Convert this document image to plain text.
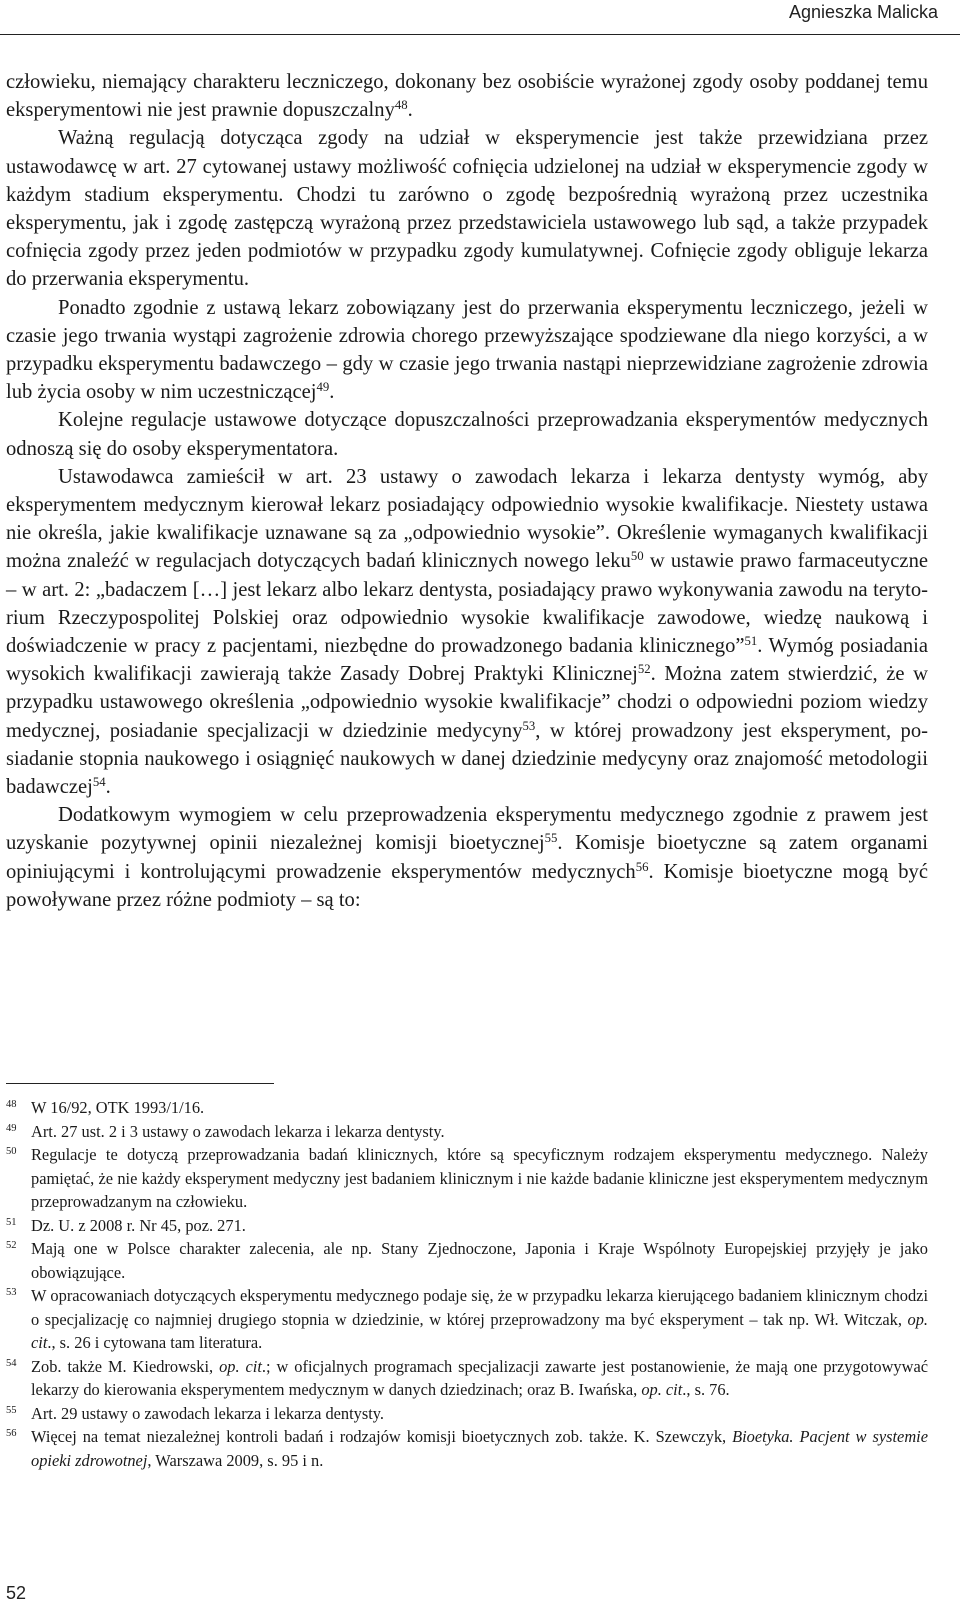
Agnieszka Malicka

człowieku, niemający charakteru leczniczego, dokonany bez osobiście wyrażonej zgody osoby poddanej temu eksperymentowi nie jest prawnie dopuszczalny$^{48}$.

Ważną regulacją dotycząca zgody na udział w eksperymencie jest także przewidziana przez ustawodawcę w art. 27 cytowanej ustawy możliwość cofnięcia udzielonej na udział w eksperymencie zgody w każdym stadium eksperymentu. Chodzi tu zarówno o zgodę bezpośrednią wyrażoną przez uczestnika eksperymentu, jak i zgodę zastępczą wyrażoną przez przedstawiciela ustawowego lub sąd, a także przypadek cofnięcia zgody przez jeden podmiotów w przypadku zgody kumulatywnej. Cofnięcie zgody obliguje lekarza do przerwania eksperymentu.

Ponadto zgodnie z ustawą lekarz zobowiązany jest do przerwania eksperymentu leczniczego, jeżeli w czasie jego trwania wystąpi zagrożenie zdrowia chorego przewyższające spodziewane dla niego korzyści, a w przypadku eksperymentu badawczego – gdy w czasie jego trwania nastąpi nieprzewidziane zagrożenie zdrowia lub życia osoby w nim uczestniczącej$^{49}$.

Kolejne regulacje ustawowe dotyczące dopuszczalności przeprowadzania eksperymentów medycznych odnoszą się do osoby eksperymentatora.

Ustawodawca zamieścił w art. 23 ustawy o zawodach lekarza i lekarza dentysty wymóg, aby eksperymentem medycznym kierował lekarz posiadający odpowiednio wysokie kwalifikacje. Niestety ustawa nie określa, jakie kwalifikacje uznawane są za „odpowiednio wysokie”. Określenie wymaganych kwalifikacji można znaleźć w regulacjach dotyczących badań klinicznych nowego leku$^{50}$ w ustawie prawo farmaceutyczne – w art. 2: „badaczem […] jest lekarz albo lekarz dentysta, posiadający prawo wykonywania zawodu na terytorium Rzeczypospolitej Polskiej oraz odpowiednio wysokie kwalifikacje zawodowe, wiedzę naukową i doświadczenie w pracy z pacjentami, niezbędne do prowadzonego badania klinicznego”$^{51}$. Wymóg posiadania wysokich kwalifikacji zawierają także Zasady Dobrej Praktyki Klinicznej$^{52}$. Można zatem stwierdzić, że w przypadku ustawowego określenia „odpowiednio wysokie kwalifikacje” chodzi o odpowiedni poziom wiedzy medycznej, posiadanie specjalizacji w dziedzinie medycyny$^{53}$, w której prowadzony jest eksperyment, posiadanie stopnia naukowego i osiągnięć naukowych w danej dziedzinie medycyny oraz znajomość metodologii badawczej$^{54}$.

Dodatkowym wymogiem w celu przeprowadzenia eksperymentu medycznego zgodnie z prawem jest uzyskanie pozytywnej opinii niezależnej komisji bioetycznej$^{55}$. Komisje bioetyczne są zatem organami opiniującymi i kontrolującymi prowadzenie eksperymentów medycznych$^{56}$. Komisje bioetyczne mogą być powoływane przez różne podmioty – są to:

48 W 16/92, OTK 1993/1/16.
49 Art. 27 ust. 2 i 3 ustawy o zawodach lekarza i lekarza dentysty.
50 Regulacje te dotyczą przeprowadzania badań klinicznych, które są specyficznym rodzajem eksperymentu medycznego. Należy pamiętać, że nie każdy eksperyment medyczny jest badaniem klinicznym i nie każde badanie kliniczne jest eksperymentem medycznym przeprowadzanym na człowieku.
51 Dz. U. z 2008 r. Nr 45, poz. 271.
52 Mają one w Polsce charakter zalecenia, ale np. Stany Zjednoczone, Japonia i Kraje Wspólnoty Europejskiej przyjęły je jako obowiązujące.
53 W opracowaniach dotyczących eksperymentu medycznego podaje się, że w przypadku lekarza kierującego badaniem klinicznym chodzi o specjalizację co najmniej drugiego stopnia w dziedzinie, w której przeprowadzony ma być eksperyment – tak np. Wł. Witczak, op. cit., s. 26 i cytowana tam literatura.
54 Zob. także M. Kiedrowski, op. cit.; w oficjalnych programach specjalizacji zawarte jest postanowienie, że mają one przygotowywać lekarzy do kierowania eksperymentem medycznym w danych dziedzinach; oraz B. Iwańska, op. cit., s. 76.
55 Art. 29 ustawy o zawodach lekarza i lekarza dentysty.
56 Więcej na temat niezależnej kontroli badań i rodzajów komisji bioetycznych zob. także. K. Szewczyk, Bioetyka. Pacjent w systemie opieki zdrowotnej, Warszawa 2009, s. 95 i n.
52
